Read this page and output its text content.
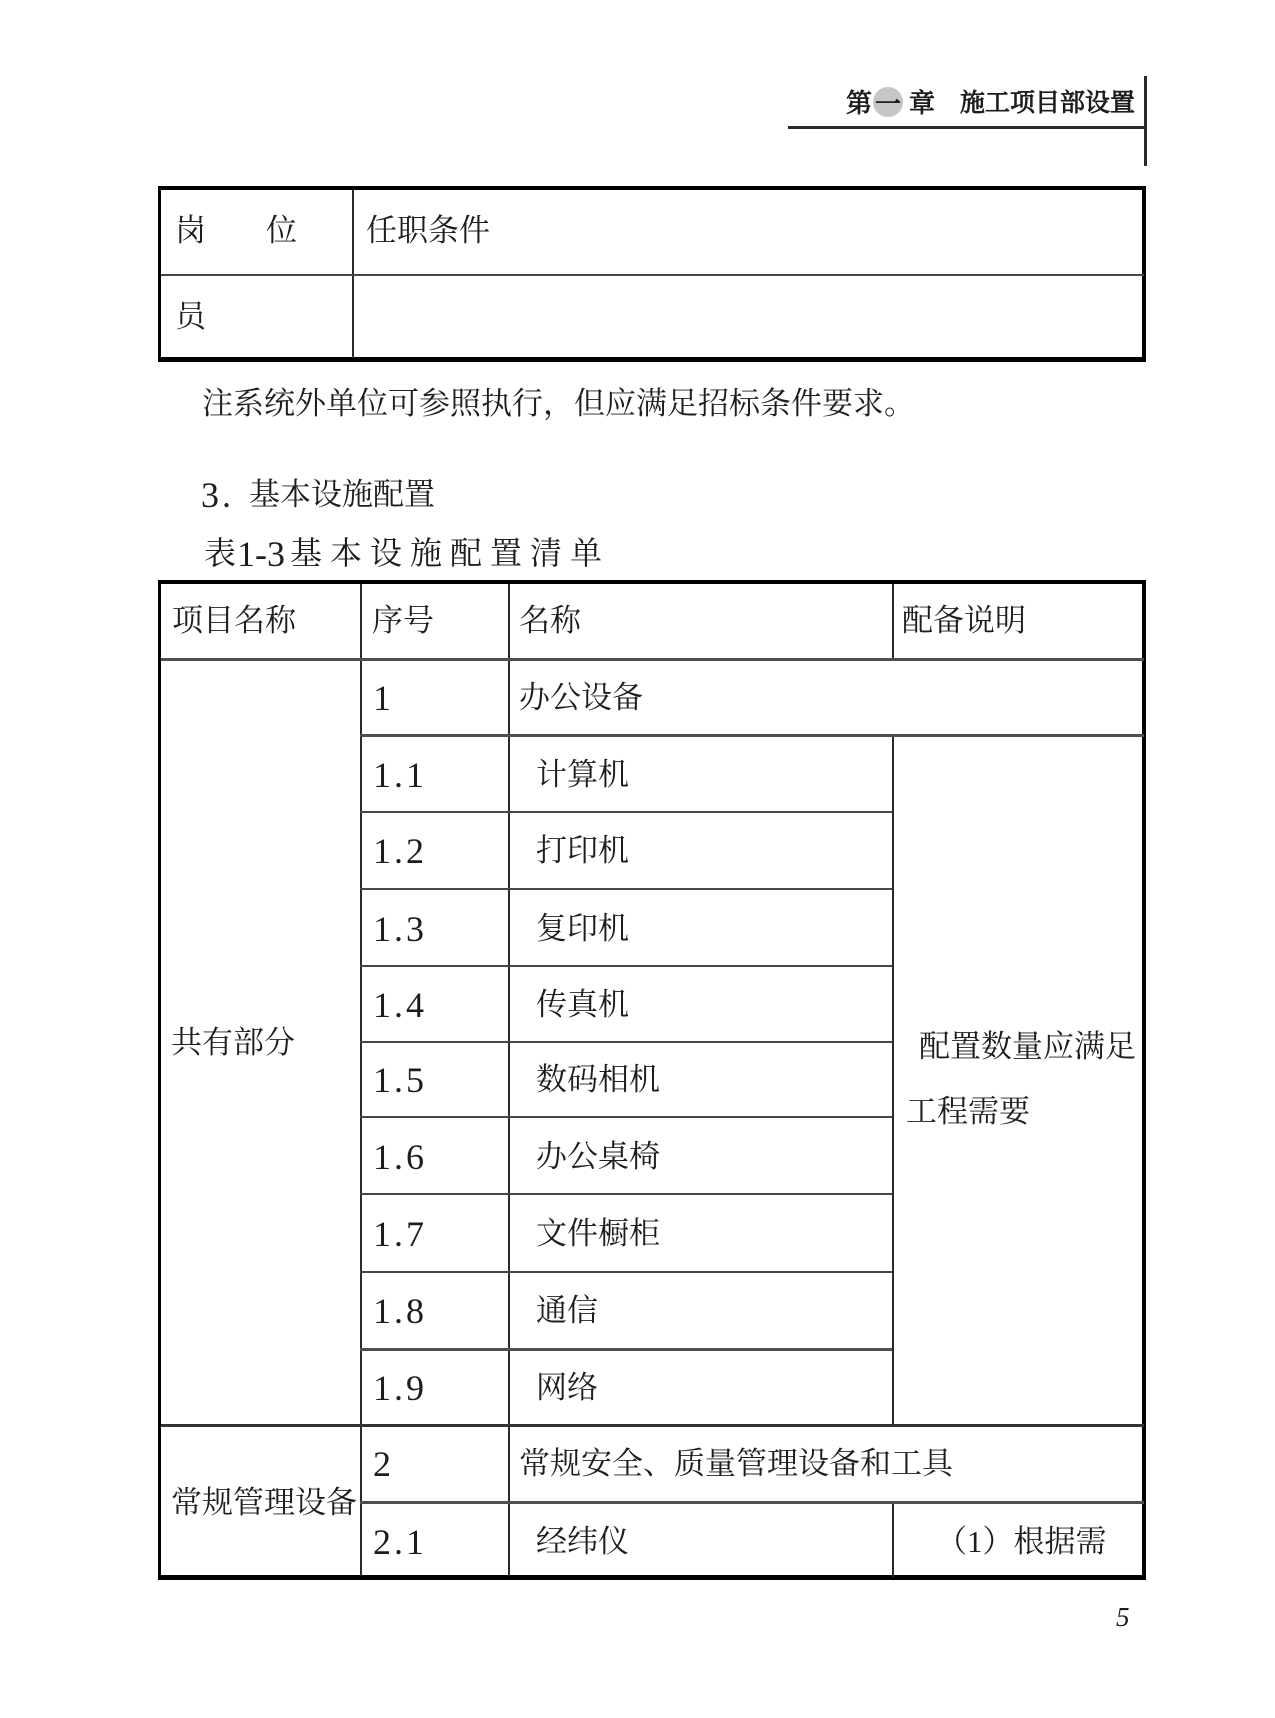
第 一 章 施工项目部设置
岗位 任职条件
员
注系统外单位可参照执行，但应满足招标条件要求。
3. 基本设施配置
表 1-3 基本设施配置清单
项目名称 序号	名称	配备说明
共有部分
1	办公设备
1.1	计算机
1.2	打印机
1.3	复印机
1.4	传真机
1.5	数码相机
1.6	办公桌椅
1.7	文件橱柜
1.8	通信
1.9	网络
配置数量应满足
工程需要
常规管理设备
2	常规安全、质量管理设备和工具
2.1	经纬仪	（1）根据需
5
